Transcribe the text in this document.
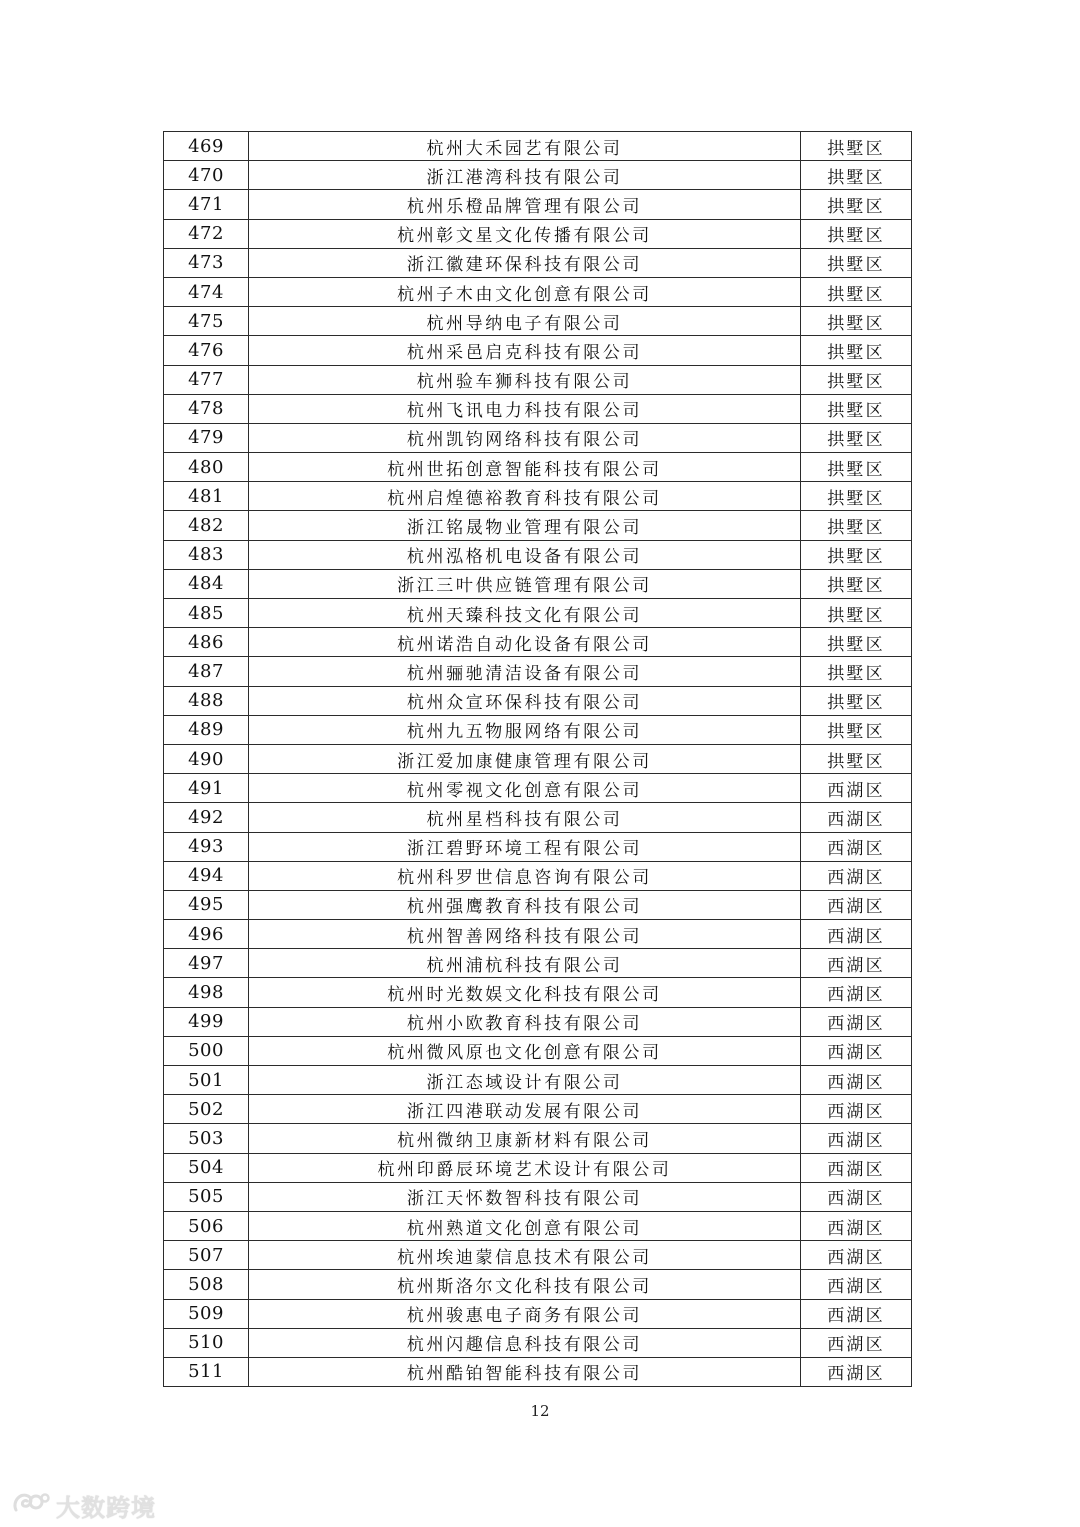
469	杭州大禾园艺有限公司	拱墅区
470	浙江港湾科技有限公司	拱墅区
471	杭州乐橙品牌管理有限公司	拱墅区
472	杭州彰文星文化传播有限公司	拱墅区
473	浙江徽建环保科技有限公司	拱墅区
474	杭州子木由文化创意有限公司	拱墅区
475	杭州导纳电子有限公司	拱墅区
476	杭州采邑启克科技有限公司	拱墅区
477	杭州验车狮科技有限公司	拱墅区
478	杭州飞讯电力科技有限公司	拱墅区
479	杭州凯钧网络科技有限公司	拱墅区
480	杭州世拓创意智能科技有限公司	拱墅区
481	杭州启煌德裕教育科技有限公司	拱墅区
482	浙江铭晟物业管理有限公司	拱墅区
483	杭州泓格机电设备有限公司	拱墅区
484	浙江三叶供应链管理有限公司	拱墅区
485	杭州天臻科技文化有限公司	拱墅区
486	杭州诺浩自动化设备有限公司	拱墅区
487	杭州骊驰清洁设备有限公司	拱墅区
488	杭州众宣环保科技有限公司	拱墅区
489	杭州九五物服网络有限公司	拱墅区
490	浙江爱加康健康管理有限公司	拱墅区
491	杭州零视文化创意有限公司	西湖区
492	杭州星档科技有限公司	西湖区
493	浙江碧野环境工程有限公司	西湖区
494	杭州科罗世信息咨询有限公司	西湖区
495	杭州强鹰教育科技有限公司	西湖区
496	杭州智善网络科技有限公司	西湖区
497	杭州浦杭科技有限公司	西湖区
498	杭州时光数娱文化科技有限公司	西湖区
499	杭州小欧教育科技有限公司	西湖区
500	杭州微风原也文化创意有限公司	西湖区
501	浙江态域设计有限公司	西湖区
502	浙江四港联动发展有限公司	西湖区
503	杭州微纳卫康新材料有限公司	西湖区
504	杭州印爵辰环境艺术设计有限公司	西湖区
505	浙江天怀数智科技有限公司	西湖区
506	杭州熟道文化创意有限公司	西湖区
507	杭州埃迪蒙信息技术有限公司	西湖区
508	杭州斯洛尔文化科技有限公司	西湖区
509	杭州骏惠电子商务有限公司	西湖区
510	杭州闪趣信息科技有限公司	西湖区
511	杭州酷铂智能科技有限公司	西湖区
12
大数跨境
